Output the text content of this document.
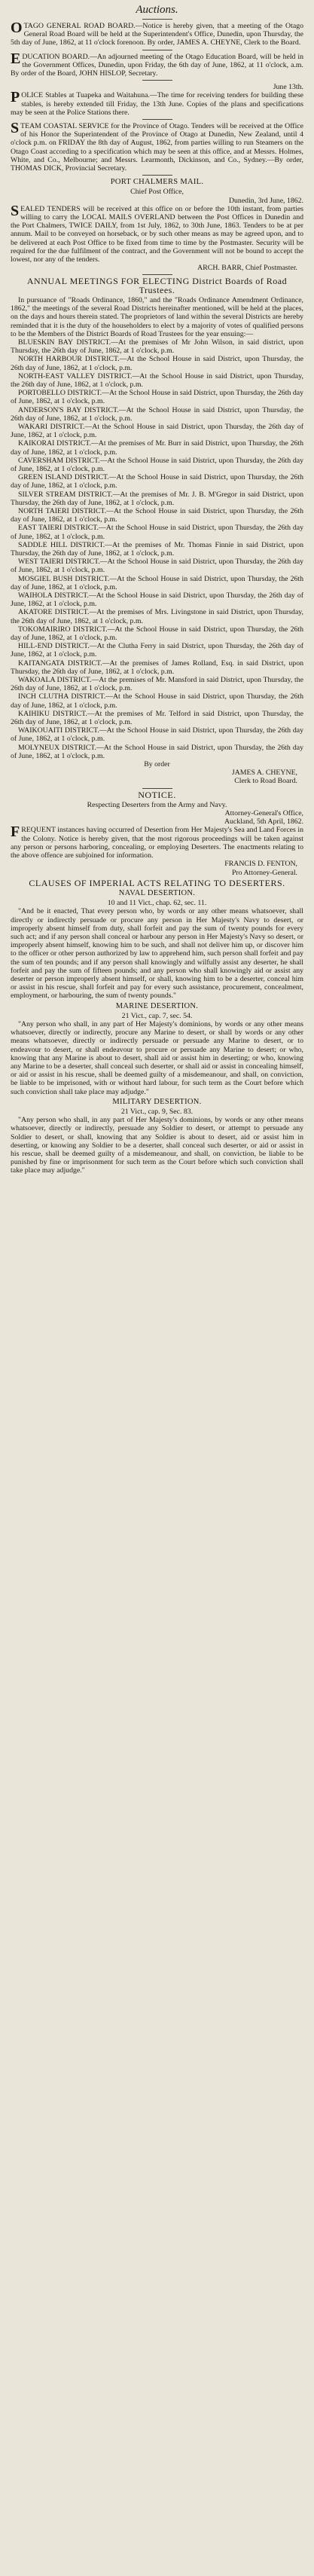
Auctions.

OTAGO GENERAL ROAD BOARD.—Notice is hereby given, that a meeting of the Otago General Road Board will be held at the Superintendent's Office, Dunedin, upon Thursday, the 5th day of June, 1862, at 11 o'clock forenoon. By order, JAMES A. CHEYNE, Clerk to the Board.

EDUCATION BOARD.—An adjourned meeting of the Otago Education Board, will be held in the Government Offices, Dunedin, upon Friday, the 6th day of June, 1862, at 11 o'clock, a.m. By order of the Board, JOHN HISLOP, Secretary.

June 13th.

POLICE Stables at Tuapeka and Waitahuna.—The time for receiving tenders for building these stables, is hereby extended till Friday, the 13th June. Copies of the plans and specifications may be seen at the Police Stations there.

STEAM COASTAL SERVICE for the Province of Otago. Tenders will be received at the Office of his Honor the Superintendent of the Province of Otago at Dunedin, New Zealand, until 4 o'clock p.m. on FRIDAY the 8th day of August, 1862, from parties willing to run Steamers on the Otago Coast according to a specification which may be seen at this office, and at Messrs. Holmes, White, and Co., Melbourne; and Messrs. Learmonth, Dickinson, and Co., Sydney.—By order, THOMAS DICK, Provincial Secretary.

PORT CHALMERS MAIL.
Chief Post Office,
Dunedin, 3rd June, 1862.

SEALED TENDERS will be received at this office on or before the 10th instant, from parties willing to carry the LOCAL MAILS OVERLAND between the Post Offices in Dunedin and the Port Chalmers, TWICE DAILY, from 1st July, 1862, to 30th June, 1863. Tenders to be at per annum. Mail to be conveyed on horseback, or by such other means as may be agreed upon, and to be delivered at each Post Office to be fixed from time to time by the Postmaster. Security will be required for the due fulfilment of the contract, and the Government will not be bound to accept the lowest, nor any of the tenders.

ARCH. BARR, Chief Postmaster.
ANNUAL MEETINGS FOR ELECTING District Boards of Road Trustees.

In pursuance of "Roads Ordinance, 1860," and the "Roads Ordinance Amendment Ordinance, 1862," the meetings of the several Road Districts hereinafter mentioned, will be held at the places, on the days and hours therein stated. The proprietors of land within the several Districts are hereby reminded that it is the duty of the householders to elect by a majority of votes of qualified persons to be the Members of the District Boards of Road Trustees for the year ensuing:—

BLUESKIN BAY DISTRICT.—At the premises of Mr John Wilson, in said district, upon Thursday, the 26th day of June, 1862, at 1 o'clock, p.m.

NORTH HARBOUR DISTRICT.—At the School House in said District, upon Thursday, the 26th day of June, 1862, at 1 o'clock, p.m.

NORTH-EAST VALLEY DISTRICT.—At the School House in said District, upon Thursday, the 26th day of June, 1862, at 1 o'clock, p.m.

PORTOBELLO DISTRICT.—At the School House in said District, upon Thursday, the 26th day of June, 1862, at 1 o'clock, p.m.

ANDERSON'S BAY DISTRICT.—At the School House in said District, upon Thursday, the 26th day of June, 1862, at 1 o'clock, p.m.

WAKARI DISTRICT.—At the School House in said District, upon Thursday, the 26th day of June, 1862, at 1 o'clock, p.m.

KAIKORAI DISTRICT.—At the premises of Mr. Burr in said District, upon Thursday, the 26th day of June, 1862, at 1 o'clock, p.m.

CAVERSHAM DISTRICT.—At the School House in said District, upon Thursday, the 26th day of June, 1862, at 1 o'clock, p.m.

GREEN ISLAND DISTRICT.—At the School House in said District, upon Thursday, the 26th day of June, 1862, at 1 o'clock, p.m.

SILVER STREAM DISTRICT.—At the premises of Mr. J. B. M'Gregor in said District, upon Thursday, the 26th day of June, 1862, at 1 o'clock, p.m.

NORTH TAIERI DISTRICT.—At the School House in said District, upon Thursday, the 26th day of June, 1862, at 1 o'clock, p.m.

EAST TAIERI DISTRICT.—At the School House in said District, upon Thursday, the 26th day of June, 1862, at 1 o'clock, p.m.

SADDLE HILL DISTRICT.—At the premises of Mr. Thomas Finnie in said District, upon Thursday, the 26th day of June, 1862, at 1 o'clock, p.m.

WEST TAIERI DISTRICT.—At the School House in said District, upon Thursday, the 26th day of June, 1862, at 1 o'clock, p.m.

MOSGIEL BUSH DISTRICT.—At the School House in said District, upon Thursday, the 26th day of June, 1862, at 1 o'clock, p.m.

WAIHOLA DISTRICT.—At the School House in said District, upon Thursday, the 26th day of June, 1862, at 1 o'clock, p.m.

AKATORE DISTRICT.—At the premises of Mrs. Livingstone in said District, upon Thursday, the 26th day of June, 1862, at 1 o'clock, p.m.

TOKOMAIRIRO DISTRICT.—At the School House in said District, upon Thursday, the 26th day of June, 1862, at 1 o'clock, p.m.

HILL-END DISTRICT.—At the Clutha Ferry in said District, upon Thursday, the 26th day of June, 1862, at 1 o'clock, p.m.

KAITANGATA DISTRICT.—At the premises of James Rolland, Esq. in said District, upon Thursday, the 26th day of June, 1862, at 1 o'clock, p.m.

WAKOALA DISTRICT.—At the premises of Mr. Mansford in said District, upon Thursday, the 26th day of June, 1862, at 1 o'clock, p.m.

INCH CLUTHA DISTRICT.—At the School House in said District, upon Thursday, the 26th day of June, 1862, at 1 o'clock, p.m.

KAIHIKU DISTRICT.—At the premises of Mr. Telford in said District, upon Thursday, the 26th day of June, 1862, at 1 o'clock, p.m.

WAIKOUAITI DISTRICT.—At the School House in said District, upon Thursday, the 26th day of June, 1862, at 1 o'clock, p.m.

MOLYNEUX DISTRICT.—At the School House in said District, upon Thursday, the 26th day of June, 1862, at 1 o'clock, p.m.

By order
JAMES A. CHEYNE,
Clerk to Road Board.
NOTICE.
Respecting Deserters from the Army and Navy.
Attorney-General's Office,
Auckland, 5th April, 1862.

FREQUENT instances having occurred of Desertion from Her Majesty's Sea and Land Forces in the Colony. Notice is hereby given, that the most rigorous proceedings will be taken against any person or persons harboring, concealing, or employing Deserters. The enactments relating to the above offence are subjoined for information.

FRANCIS D. FENTON,
Pro Attorney-General.
CLAUSES OF IMPERIAL ACTS RELATING TO DESERTERS.
NAVAL DESERTION.
10 and 11 Vict., chap. 62, sec. 11.

"And be it enacted, That every person who, by words or any other means whatsoever, shall directly or indirectly persuade or procure any person in Her Majesty's Navy to desert, or improperly absent himself from duty, shall forfeit and pay the sum of twenty pounds for every such act; and if any person shall conceal or harbour any person in Her Majesty's Navy so desert, or improperly absent himself, knowing him to be such, and shall not deliver him up, or discover him to the officer or other person authorized by law to apprehend him, such person shall forfeit and pay the sum of ten pounds; and if any person shall knowingly and wilfully assist any deserter, he shall forfeit and pay the sum of fifteen pounds; and any person who shall knowingly aid or assist any deserter or person improperly absent himself, or shall, knowing him to be a deserter, conceal him or assist in his rescue, shall forfeit and pay for every such assistance, procurement, concealment, employment, or harbouring, the sum of twenty pounds."

MARINE DESERTION.
21 Vict., cap. 7, sec. 54.

"Any person who shall, in any part of Her Majesty's dominions, by words or any other means whatsoever, directly or indirectly, procure any Marine to desert, or shall by words or any other means whatsoever, directly or indirectly persuade or persuade any Marine to desert, or to endeavour to desert, or shall endeavour to procure or persuade any Marine to desert; or who, knowing that any Marine is about to desert, shall aid or assist him in deserting; or who, knowing any Marine to be a deserter, shall conceal such deserter, or shall aid or assist in concealing himself, or aid or assist in his rescue, shall be deemed guilty of a misdemeanour, and shall, on conviction, be liable to be imprisoned, with or without hard labour, for such term as the Court before which such conviction shall take place may adjudge."

MILITARY DESERTION.
21 Vict., cap. 9, Sec. 83.

"Any person who shall, in any part of Her Majesty's dominions, by words or any other means whatsoever, directly or indirectly, persuade any Soldier to desert, or attempt to persuade any Soldier to desert, or shall, knowing that any Soldier is about to desert, aid or assist him in deserting, or knowing any Soldier to be a deserter, shall conceal such deserter, or aid or assist in his rescue, shall be deemed guilty of a misdemeanour, and shall, on conviction, be liable to be punished by fine or imprisonment for such term as the Court before which such conviction shall take place may adjudge."
